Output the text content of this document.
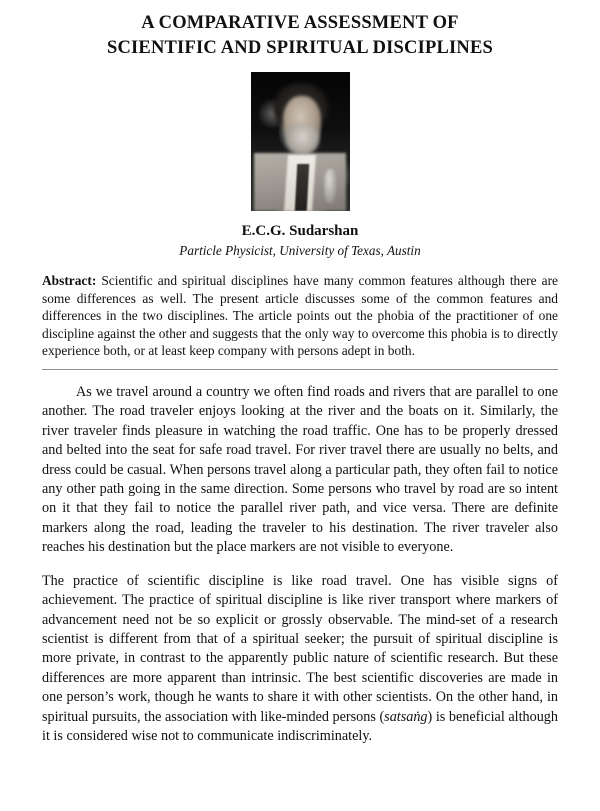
A COMPARATIVE ASSESSMENT OF
SCIENTIFIC AND SPIRITUAL DISCIPLINES
E.C.G. Sudarshan
Particle Physicist, University of Texas, Austin
Abstract: Scientific and spiritual disciplines have many common features although there are some differences as well. The present article discusses some of the common features and differences in the two disciplines. The article points out the phobia of the practitioner of one discipline against the other and suggests that the only way to overcome this phobia is to directly experience both, or at least keep company with persons adept in both.

As we travel around a country we often find roads and rivers that are parallel to one another. The road traveler enjoys looking at the river and the boats on it. Similarly, the river traveler finds pleasure in watching the road traffic. One has to be properly dressed and belted into the seat for safe road travel. For river travel there are usually no belts, and dress could be casual. When persons travel along a particular path, they often fail to notice any other path going in the same direction. Some persons who travel by road are so intent on it that they fail to notice the parallel river path, and vice versa. There are definite markers along the road, leading the traveler to his destination. The river traveler also reaches his destination but the place markers are not visible to everyone.

The practice of scientific discipline is like road travel. One has visible signs of achievement. The practice of spiritual discipline is like river transport where markers of advancement need not be so explicit or grossly observable. The mind-set of a research scientist is different from that of a spiritual seeker; the pursuit of spiritual discipline is more private, in contrast to the apparently public nature of scientific research. But these differences are more apparent than intrinsic. The best scientific discoveries are made in one person’s work, though he wants to share it with other scientists. On the other hand, in spiritual pursuits, the association with like-minded persons (satsaṅg) is beneficial although it is considered wise not to communicate indiscriminately.
